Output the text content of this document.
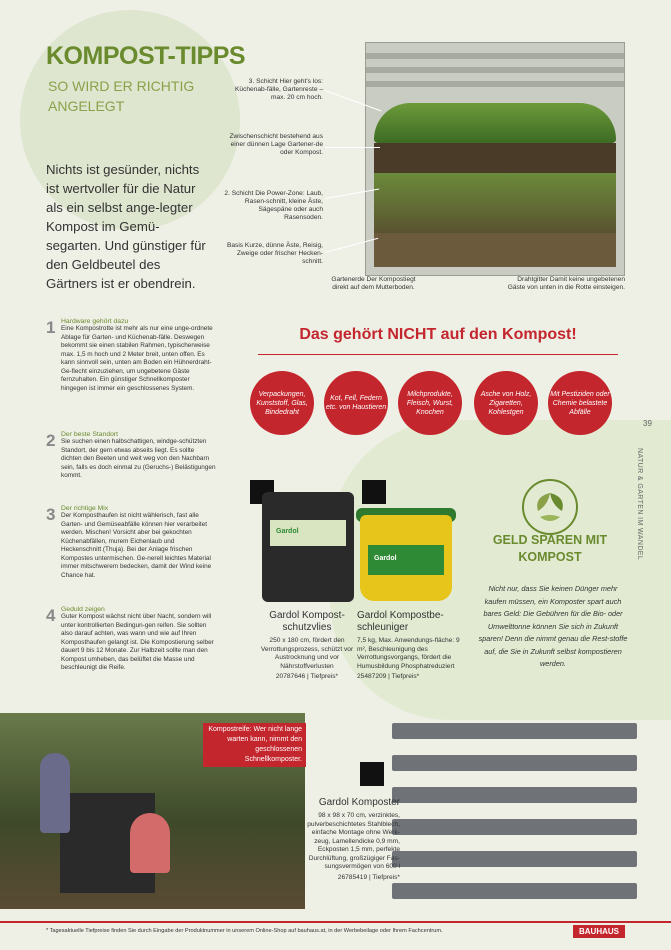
KOMPOST-TIPPS
SO WIRD ER RICHTIG ANGELEGT
Nichts ist gesünder, nichts ist wertvoller für die Natur als ein selbst ange-legter Kompost im Gemü-segarten. Und günstiger für den Geldbeutel des Gärtners ist er obendrein.
3. Schicht Hier geht's los: Küchenab-fälle, Gartenreste – max. 20 cm hoch.
Zwischenschicht bestehend aus einer dünnen Lage Gartener-de oder Kompost.
2. Schicht Die Power-Zone: Laub, Rasen-schnitt, kleine Äste, Sägespäne oder auch Rasensoden.
Basis Kurze, dünne Äste, Reisig, Zweige oder frischer Hecken-schnitt.
Gartenerde Der Kompostiegt direkt auf dem Mutterboden.
Drahtgitter Damit keine ungebetenen Gäste von unten in die Rotte einsteigen.
Das gehört NICHT auf den Kompost!
Verpackungen, Kunststoff, Glas, Bindedraht
Kot, Fell, Federn etc. von Haustieren
Milchprodukte, Fleisch, Wurst, Knochen
Asche von Holz, Zigaretten, Kohlestgen
Mit Pestiziden oder Chemie belastete Abfälle
1 Hardware gehört dazu
Eine Kompostrotte ist mehr als nur eine unge-ordnete Ablage für Garten- und Küchenab-fälle. Deswegen bekommt sie einen stabilen Rahmen, typischerweise max. 1,5 m hoch und 2 Meter breit, unten offen. Es kann sinnvoll sein, unten am Boden ein Hühnerdraht-Ge-flecht einzuziehen, um ungebetene Gäste fernzuhalten. Ein günstiger Schnellkomposter hingegen ist immer ein geschlossenes System.
2 Der beste Standort
Sie suchen einen halbschattigen, windge-schützten Standort, der gern etwas abseits liegt. Es sollte dichten den Beeten und weit weg von den Nachbarn sein, falls es doch einmal zu (Geruchs-) Belästigungen kommt.
3 Der richtige Mix
Der Komposthaufen ist nicht wählerisch, fast alle Garten- und Gemüseabfälle können hier verarbeitet werden. Mischen! Vorsicht aber bei gekochten Küchenabfällen, murem Eichenlaub und Heckenschnitt (Thuja). Bei der Anlage frischen Kompostes untermischen. Ge-nerell leichtes Material immer mitschwerem bedecken, damit der Wind keine Chance hat.
4 Geduld zeigen
Guter Kompost wächst nicht über Nacht, sondern will unter kontrollierten Bedingun-gen reifen. Sie sollten also darauf achten, was wann und wie auf Ihren Komposthaufen gelangt ist. Die Kompostierung selber dauert 9 bis 12 Monate. Zur Halbzeit sollte man den Kompost umheben, das belüftet die Masse und beschleunigt die Reife.
Gardol
Gardol
Gardol Kompost-schutzvlies
250 x 180 cm, fördert den Verrottungsprozess, schützt vor Austrocknung und vor Nährstoffverlusten
20787646 | Tiefpreis*
Gardol Kompostbe-schleuniger
7,5 kg, Max. Anwendungs-fläche: 9 m², Beschleunigung des Verrottungsvorgangs, fördert die Humusbildung Phosphatreduziert
25487209 | Tiefpreis*
GELD SPAREN MIT KOMPOST
Nicht nur, dass Sie keinen Dünger mehr kaufen müssen, ein Komposter spart auch bares Geld: Die Gebühren für die Bio- oder Umwelttonne können Sie sich in Zukunft sparen! Denn die nimmt genau die Rest-stoffe auf, die Sie in Zukunft selbst kompostieren werden.
Kompostreife: Wer nicht lange warten kann, nimmt den geschlossenen Schnellkomposter.
Gardol Komposter
98 x 98 x 70 cm, verzinktes, pulverbeschichtetes Stahlblech, einfache Montage ohne Werk-zeug, Lamellendicke 0,9 mm, Eckposten 1,5 mm, perfekte Durchlüftung, großzügiger Fas-sungsvermögen von 600 l
26785419 | Tiefpreis*
39
NATUR & GARTEN IM WANDEL
* Tagesaktuelle Tiefpreise finden Sie durch Eingabe der Produktnummer in unserem Online-Shop auf bauhaus.at, in der Werbebeilage oder Ihrem Fachcentrum.	BAUHAUS
